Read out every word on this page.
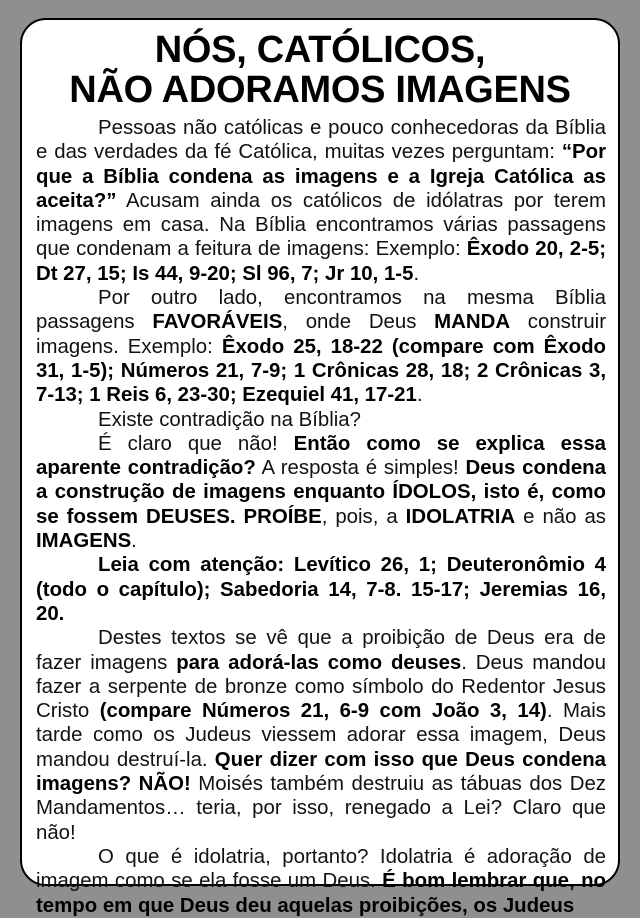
NÓS, CATÓLICOS,
NÃO ADORAMOS IMAGENS

Pessoas não católicas e pouco conhecedoras da Bíblia e das verdades da fé Católica, muitas vezes perguntam: “Por que a Bíblia condena as imagens e a Igreja Católica as aceita?” Acusam ainda os católicos de idólatras por terem imagens em casa. Na Bíblia encontramos várias passagens que condenam a feitura de imagens: Exemplo: Êxodo 20, 2-5; Dt 27, 15; Is 44, 9-20; Sl 96, 7; Jr 10, 1-5.

Por outro lado, encontramos na mesma Bíblia passagens FAVORÁVEIS, onde Deus MANDA construir imagens. Exemplo: Êxodo 25, 18-22 (compare com Êxodo 31, 1-5); Números 21, 7-9; 1 Crônicas 28, 18; 2 Crônicas 3, 7-13; 1 Reis 6, 23-30; Ezequiel 41, 17-21.

Existe contradição na Bíblia?

É claro que não! Então como se explica essa aparente contradição? A resposta é simples! Deus condena a construção de imagens enquanto ÍDOLOS, isto é, como se fossem DEUSES. PROÍBE, pois, a IDOLATRIA e não as IMAGENS.

Leia com atenção: Levítico 26, 1; Deuteronômio 4 (todo o capítulo); Sabedoria 14, 7-8. 15-17; Jeremias 16, 20.

Destes textos se vê que a proibição de Deus era de fazer imagens para adorá-las como deuses. Deus mandou fazer a serpente de bronze como símbolo do Redentor Jesus Cristo (compare Números 21, 6-9 com João 3, 14). Mais tarde como os Judeus viessem adorar essa imagem, Deus mandou destruí-la. Quer dizer com isso que Deus condena imagens? NÃO! Moisés também destruiu as tábuas dos Dez Mandamentos… teria, por isso, renegado a Lei? Claro que não!

O que é idolatria, portanto? Idolatria é adoração de imagem como se ela fosse um Deus. É bom lembrar que, no tempo em que Deus deu aquelas proibições, os Judeus
